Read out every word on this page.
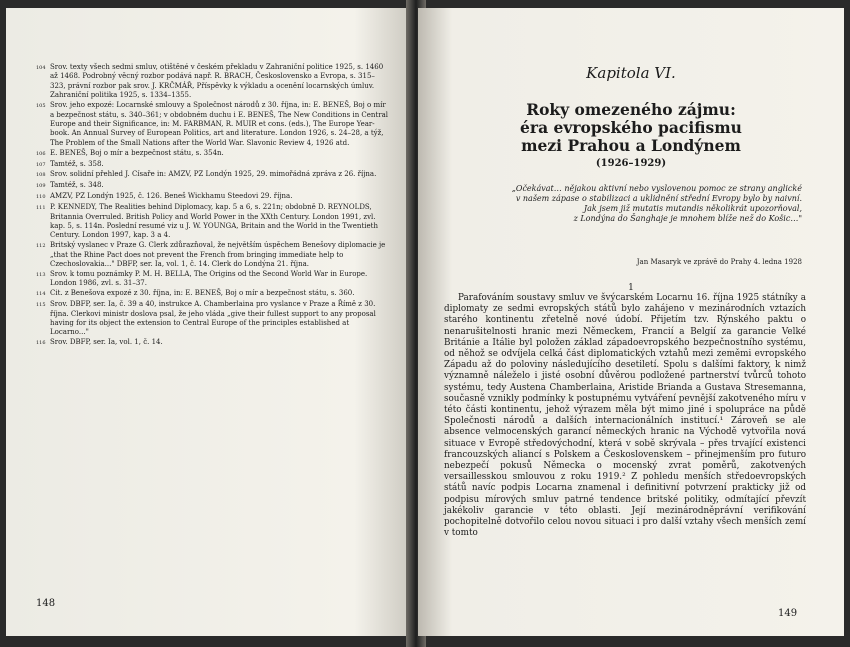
104 Srov. texty všech sedmi smluv, otištěné v českém překladu v Zahraniční politice 1925, s. 1460 až 1468. Podrobný věcný rozbor podává např. R. BRACH, Československo a Evropa, s. 315–323, právní rozbor pak srov. J. KRČMÁŘ, Příspěvky k výkladu a ocenění locarnských úmluv. Zahraniční politika 1925, s. 1334–1355.
105 Srov. jeho expozé: Locarnské smlouvy a Společnost národů z 30. října, in: E. BENEŠ, Boj o mír a bezpečnost státu, s. 340–361; v obdobném duchu i E. BENEŠ, The New Conditions in Central Europe and their Significance, in: M. FARBMAN, R. MUIR et cons. (eds.), The Europe Year-book. An Annual Survey of European Politics, art and literature. London 1926, s. 24–28, a týž, The Problem of the Small Nations after the World War. Slavonic Review 4, 1926 atd.
106 E. BENEŠ, Boj o mír a bezpečnost státu, s. 354n.
107 Tamtéž, s. 358.
108 Srov. solidní přehled J. Císaře in: AMZV, PZ Londýn 1925, 29. mimořádná zpráva z 26. října.
109 Tamtéž, s. 348.
110 AMZV, PZ Londýn 1925, č. 126. Beneš Wickhamu Steedovi 29. října.
111 P. KENNEDY, The Realities behind Diplomacy, kap. 5 a 6, s. 221n; obdobně D. REYNOLDS, Britannia Overruled. British Policy and World Power in the XXth Century. London 1991, zvl. kap. 5, s. 114n. Poslední resumé viz u J. W. YOUNGA, Britain and the World in the Twentieth Century. London 1997, kap. 3 a 4.
112 Britský vyslanec v Praze G. Clerk zdůrazňoval, že největším úspěchem Benešovy diplomacie je „that the Rhine Pact does not prevent the French from bringing immediate help to Czechoslovakia..." DBFP, ser. Ia, vol. 1, č. 14. Clerk do Londýna 21. října.
113 Srov. k tomu poznámky P. M. H. BELLA, The Origins od the Second World War in Europe. London 1986, zvl. s. 31–37.
114 Cit. z Benešova expozé z 30. října, in: E. BENEŠ, Boj o mír a bezpečnost státu, s. 360.
115 Srov. DBFP, ser. Ia, č. 39 a 40, instrukce A. Chamberlaina pro vyslance v Praze a Římě z 30. října. Clerkovi ministr doslova psal, že jeho vláda „give their fullest support to any proposal having for its object the extension to Central Europe of the principles established at Locarno..."
116 Srov. DBFP, ser. Ia, vol. 1, č. 14.
148
Kapitola VI.
Roky omezeného zájmu:
éra evropského pacifismu
mezi Prahou a Londýnem
(1926–1929)
„Očekávat… nějakou aktivní nebo vyslovenou pomoc ze strany anglické
v našem zápase o stabilizaci a uklidnění střední Evropy bylo by naivní.
Jak jsem již mutatis mutandis několikrát upozorňoval,
z Londýna do Šanghaje je mnohem blíže než do Košic…"
Jan Masaryk ve zprávě do Prahy 4. ledna 1928
1

Parafováním soustavy smluv ve švýcarském Locarnu 16. října 1925 státníky a diplomaty ze sedmi evropských států bylo zahájeno v mezinárodních vztazích starého kontinentu zřetelně nové údobí. Přijetím tzv. Rýnského paktu o nenarušitelnosti hranic mezi Německem, Francií a Belgií za garancie Velké Británie a Itálie byl položen základ západoevropského bezpečnostního systému, od něhož se odvíjela celká část diplomatických vztahů mezi zeměmi evropského Západu až do poloviny následujícího desetiletí. Spolu s dalšími faktory, k nimž významně náleželo i jisté osobní důvěrou podložené partnerství tvůrců tohoto systému, tedy Austena Chamberlaina, Aristide Brianda a Gustava Stresemanna, současně vznikly podmínky k postupnému vytváření pevnější zakotveného míru v této části kontinentu, jehož výrazem měla být mimo jiné i spolupráce na půdě Společnosti národů a dalších internacionálních institucí.¹ Zároveň se ale absence velmocenských garancí německých hranic na Východě vytvořila nová situace v Evropě středovýchodní, která v sobě skrývala – přes trvající existenci francouzských aliancí s Polskem a Československem – přinejmenším pro futuro nebezpečí pokusů Německa o mocenský zvrat poměrů, zakotvených versaillesskou smlouvou z roku 1919.² Z pohledu menších středoevropských států navíc podpis Locarna znamenal i definitivní potvrzení prakticky již od podpisu mírových smluv patrné tendence britské politiky, odmítající převzít jakékoliv garancie v této oblasti. Její mezinárodněprávní verifikování pochopitelně dotvořilo celou novou situaci i pro další vztahy všech menších zemí v tomto

149
